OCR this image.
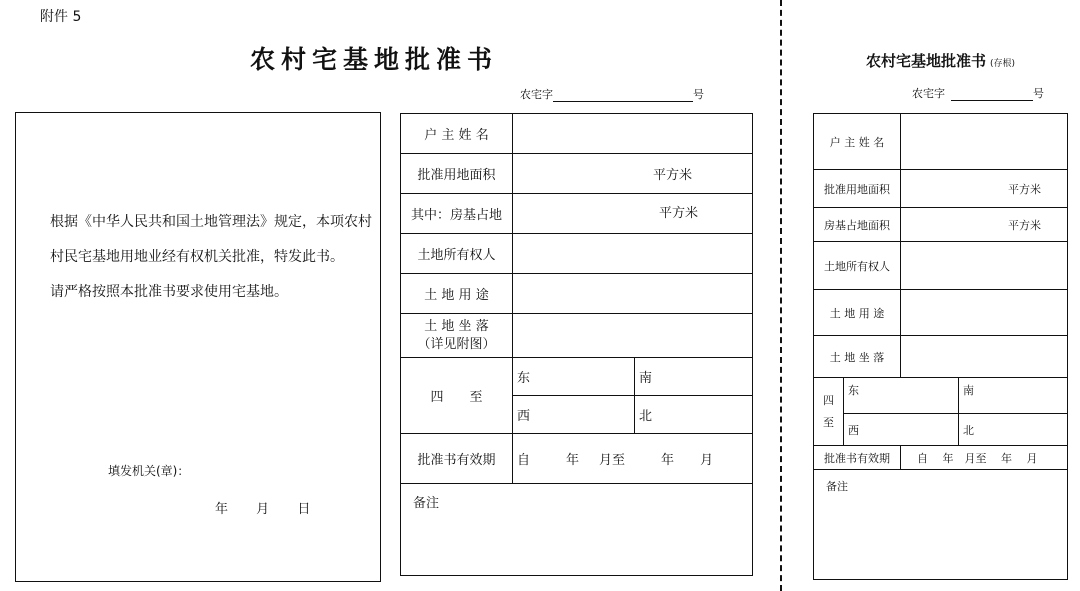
附件 5
农村宅基地批准书
农宅字	号

根据《中华人民共和国土地管理法》规定，本项农村村民宅基地用地业经有权机关批准，特发此书。

请严格按照本批准书要求使用宅基地。

填发机关(章)：
年 月 日
户 主 姓 名		
批准用地面积	平方米	
其中：房基占地	平方米	
土地所有权人		
土 地 用 途		

土 地 坐 落
（详见附图）		

四　　至	东	南
	西	北
批准书有效期	自 年 月至 年 月	
备注		
农村宅基地批准书 (存根)
农宅字	号
户 主 姓 名			
批准用地面积		平方米	
房基占地面积		平方米	
土地所有权人			
土 地 用 途			
土 地 坐 落			

四
至	东		南
	西		北
批准书有效期		自　 年　月至　 年　 月	
备注			
